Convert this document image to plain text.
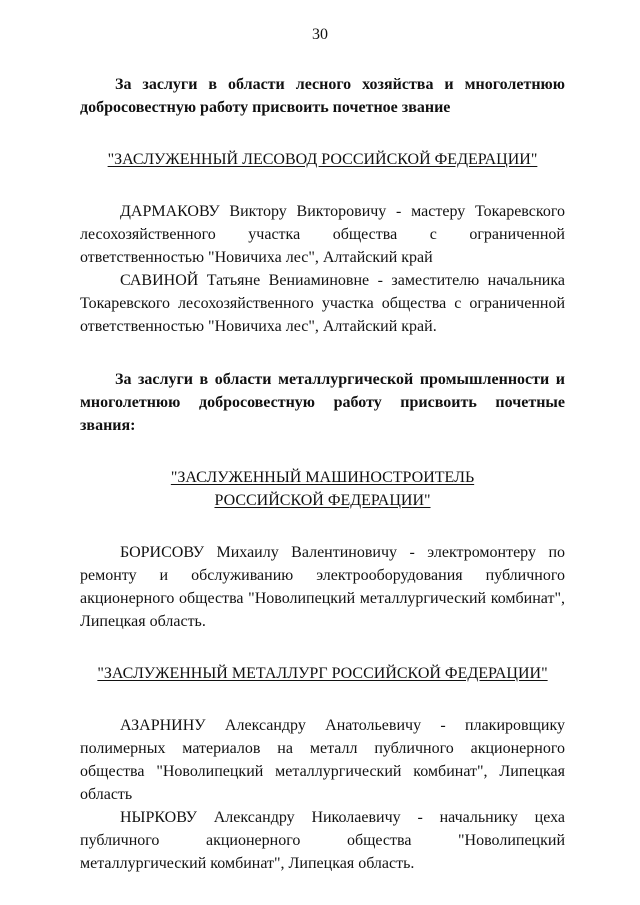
30

За заслуги в области лесного хозяйства и многолетнюю добросовестную работу присвоить почетное звание

"ЗАСЛУЖЕННЫЙ ЛЕСОВОД РОССИЙСКОЙ ФЕДЕРАЦИИ"

ДАРМАКОВУ Виктору Викторовичу - мастеру Токаревского лесохозяйственного участка общества с ограниченной ответственностью "Новичиха лес", Алтайский край

САВИНОЙ Татьяне Вениаминовне - заместителю начальника Токаревского лесохозяйственного участка общества с ограниченной ответственностью "Новичиха лес", Алтайский край.

За заслуги в области металлургической промышленности и многолетнюю добросовестную работу присвоить почетные звания:

"ЗАСЛУЖЕННЫЙ МАШИНОСТРОИТЕЛЬ
РОССИЙСКОЙ ФЕДЕРАЦИИ"

БОРИСОВУ Михаилу Валентиновичу - электромонтеру по ремонту и обслуживанию электрооборудования публичного акционерного общества "Новолипецкий металлургический комбинат", Липецкая область.

"ЗАСЛУЖЕННЫЙ МЕТАЛЛУРГ РОССИЙСКОЙ ФЕДЕРАЦИИ"

АЗАРНИНУ Александру Анатольевичу - плакировщику полимерных материалов на металл публичного акционерного общества "Новолипецкий металлургический комбинат", Липецкая область

НЫРКОВУ Александру Николаевичу - начальнику цеха публичного акционерного общества "Новолипецкий металлургический комбинат", Липецкая область.
